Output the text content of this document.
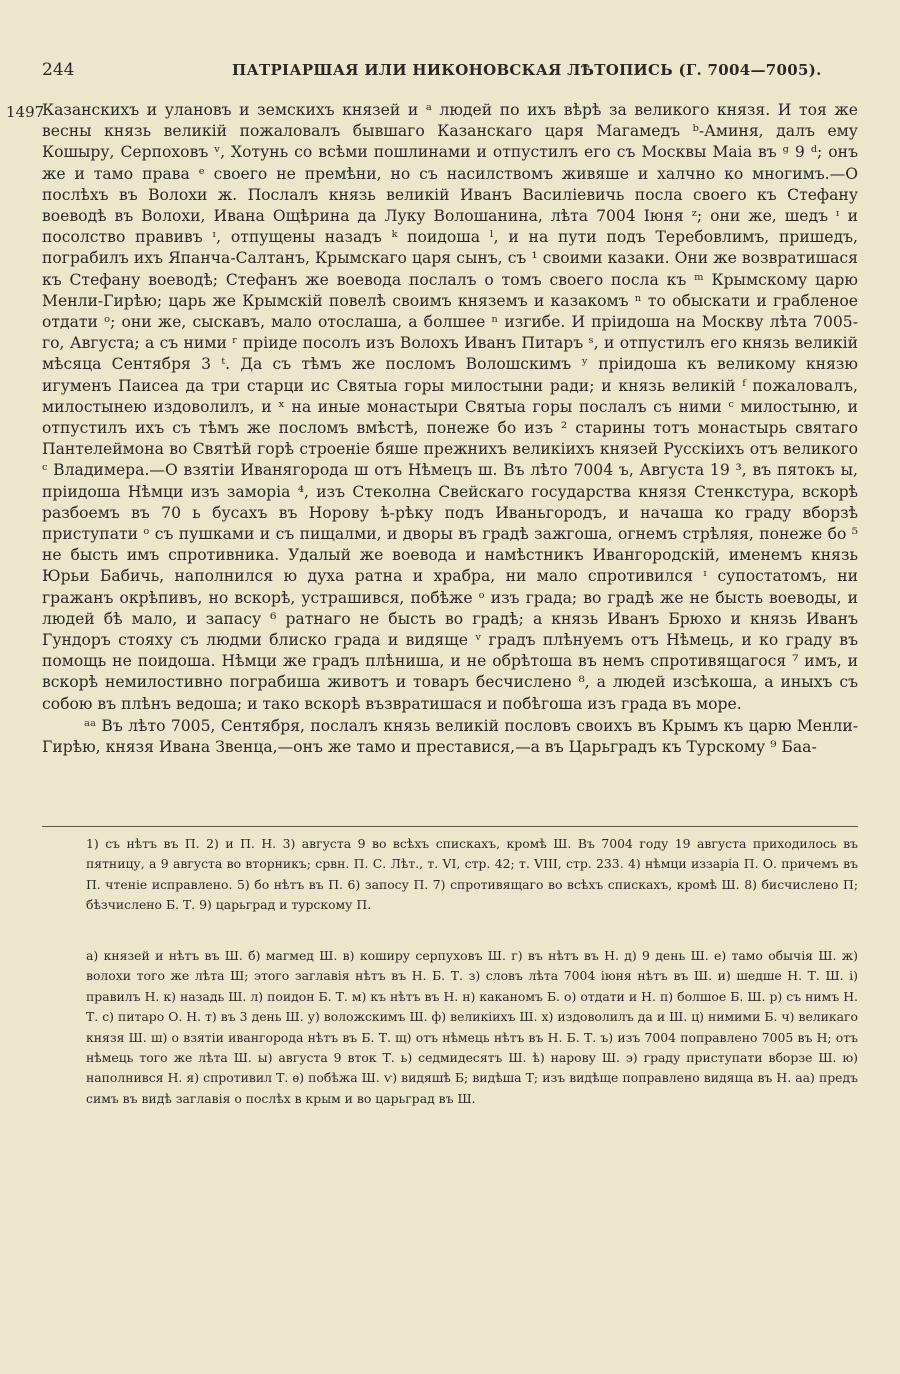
244	ПАТРІАРШАЯ ИЛИ НИКОНОВСКАЯ ЛѢТОПИСЬ (Г. 7004—7005).
1497

Казанскихъ и улановъ и земскихъ князей и ᵃ людей по ихъ вѣрѣ за великого князя. И тоя же весны князь великій пожаловалъ бывшаго Казанскаго царя Магамедъ ᵇ-Аминя, далъ ему Кошыру, Серпоховъ ᵛ, Хотунь со всѣми пошлинами и отпустилъ его съ Москвы Маіа въ ᵍ 9 ᵈ; онъ же и тамо права ᵉ своего не премѣни, но съ насилствомъ живяше и халчно ко многимъ.—О послѣхъ въ Волохи ж. Послалъ князь великій Иванъ Василіевичь посла своего къ Стефану воеводѣ въ Волохи, Ивана Ощѣрина да Луку Волошанина, лѣта 7004 Іюня ᶻ; они же, шедъ ᶦ и посолство правивъ ᶦ, отпущены назадъ ᵏ поидоша ˡ, и на пути подъ Теребовлимъ, пришедъ, пограбилъ ихъ Япанча-Салтанъ, Крымскаго царя сынъ, съ ¹ своими казаки. Они же возвратишася къ Стефану воеводѣ; Стефанъ же воевода послалъ о томъ своего посла къ ᵐ Крымскому царю Менли-Гирѣю; царь же Крымскій повелѣ своимъ княземъ и казакомъ ⁿ то обыскати и грабленое отдати ᵒ; они же, сыскавъ, мало отослаша, а болшее ⁿ изгибе. И пріидоша на Москву лѣта 7005-го, Августа; а съ ними ʳ пріиде посолъ изъ Волохъ Иванъ Питаръ ˢ, и отпустилъ его князь великій мѣсяца Сентября 3 ᵗ. Да съ тѣмъ же посломъ Волошскимъ ʸ пріидоша къ великому князю игуменъ Паисеа да три старци ис Святыа горы милостыни ради; и князь великій ᶠ пожаловалъ, милостынею издоволилъ, и ˣ на иные монастыри Святыа горы послалъ съ ними ᶜ милостыню, и отпустилъ ихъ съ тѣмъ же посломъ вмѣстѣ, понеже бо изъ ² старины тотъ монастырь святаго Пантелеймона во Святѣй горѣ строеніе бяше прежнихъ великіихъ князей Русскіихъ отъ великого ᶜ Владимера.—О взятіи Иванягорода ш отъ Нѣмецъ ш. Въ лѣто 7004 ъ, Августа 19 ³, въ пятокъ ы, пріидоша Нѣмци изъ заморіа ⁴, изъ Стеколна Свейскаго государства князя Стенкстура, вскорѣ разбоемъ въ 70 ь бусахъ въ Норову ѣ-рѣку подъ Иваньгородъ, и начаша ко граду вборзѣ приступати ᵒ съ пушками и съ пищалми, и дворы въ градѣ зажгоша, огнемъ стрѣляя, понеже бо ⁵ не бысть имъ спротивника. Удалый же воевода и намѣстникъ Ивангородскій, именемъ князь Юрьи Бабичь, наполнился ю духа ратна и храбра, ни мало спротивился ᶦ супостатомъ, ни гражанъ окрѣпивъ, но вскорѣ, устрашився, побѣже ᵒ изъ града; во градѣ же не бысть воеводы, и людей бѣ мало, и запасу ⁶ ратнаго не бысть во градѣ; а князь Иванъ Брюхо и князь Иванъ Гундоръ стояху съ людми блиско града и видяще ᵛ градъ плѣнуемъ отъ Нѣмець, и ко граду въ помощь не поидоша. Нѣмци же градъ плѣниша, и не обрѣтоша въ немъ спротивящагося ⁷ имъ, и вскорѣ немилостивно пограбиша животъ и товаръ бесчисленo ⁸, а людей изсѣкоша, а иныхъ съ собою въ плѣнъ ведоша; и тако вскорѣ възвратишася и побѣгоша изъ града въ море.

ᵃᵃ Въ лѣто 7005, Сентября, послалъ князь великій пословъ своихъ въ Крымъ къ царю Менли-Гирѣю, князя Ивана Звенца,—онъ же тамо и преставися,—а въ Царьградъ къ Турскому ⁹ Баа-

1) съ нѣтъ въ П. 2) и П. Н. 3) августа 9 во всѣхъ спискахъ, кромѣ Ш. Въ 7004 году 19 августа приходилось въ пятницу, а 9 августа во вторникъ; срвн. П. С. Лѣт., т. VI, стр. 42; т. VIII, стр. 233. 4) нѣмци иззаріа П. О. причемъ въ П. чтеніе исправлено. 5) бо нѣтъ въ П. 6) запосу П. 7) спротивящаго во всѣхъ спискахъ, кромѣ Ш. 8) бисчислено П; бѣзчислено Б. Т. 9) царьград и турскому П.

а) князей и нѣтъ въ Ш. б) магмед Ш. в) коширу серпуховъ Ш. г) въ нѣтъ въ Н. д) 9 день Ш. е) тамо обычія Ш. ж) волохи того же лѣта Ш; этого заглавія нѣтъ въ Н. Б. Т. з) словъ лѣта 7004 іюня нѣтъ въ Ш. и) шедше Н. Т. Ш. і) правилъ Н. к) назадь Ш. л) поидон Б. Т. м) къ нѣтъ въ Н. н) каканомъ Б. о) отдати и Н. п) болшое Б. Ш. р) съ нимъ Н. Т. с) питаро О. Н. т) въ 3 день Ш. у) воложскимъ Ш. ф) великіихъ Ш. х) издоволилъ да и Ш. ц) нимими Б. ч) великаго князя Ш. ш) о взятіи ивангорода нѣтъ въ Б. Т. щ) отъ нѣмець нѣтъ въ Н. Б. Т. ъ) изъ 7004 поправлено 7005 въ Н; отъ нѣмець того же лѣта Ш. ы) августа 9 вток Т. ь) седмидесятъ Ш. ѣ) нарову Ш. э) граду приступати вборзе Ш. ю) наполнився Н. я) спротивил Т. ѳ) побѣжа Ш. ѵ) видяшѣ Б; видѣша Т; изъ видѣще поправлено видяща въ Н. аа) предъ симъ въ видѣ заглавія о послѣх в крым и во царьград въ Ш.
